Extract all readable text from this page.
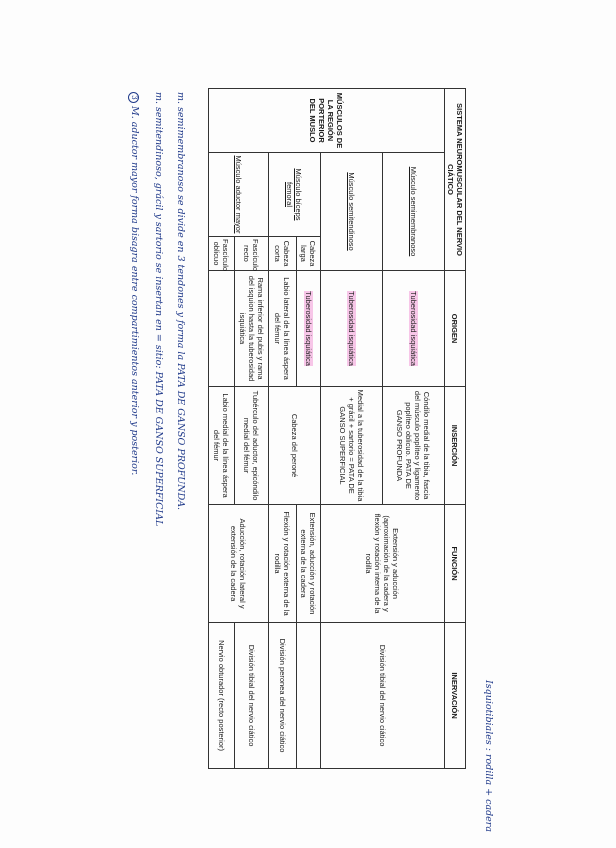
SISTEMA NEUROMUSCULAR DEL NERVIO
CIÁTICO			ORIGEN	INSERCIÓN	FUNCIÓN	INERVACIÓN
MÚSCULOS DE LA REGIÓN PORTERIOR DEL MUSLO	Músculo semimembranoso		Tuberosidad isquiática	Cóndilo medial de la tibia, fascia del músculo poplíteo y ligamento poplíteo oblicuo. PATA DE GANSO PROFUNDA	Extensión y aducción (aproximación de la cadera y flexión y rotación interna de la rodilla	División tibial del nervio ciático
	Músculo semitendinoso		Tuberosidad isquiática	Medial a la tuberosidad de la tibia + grácil + sartorio = PATA DE GANSO SUPERFICIAL		
	Músculo bíceps femoral	Cabeza larga	Tuberosidad isquiática	Cabeza del peroné	Extensión, aducción y rotación externa de la cadera	
		Cabeza corta	Labio lateral de la línea áspera del fémur		Flexión y rotación externa de la rodilla	División peronea del nervio ciático
	Músculo aductor mayor	Fascículo recto	Rama inferior del pubis y rama del isquion hasta la tuberosidad isquiática	Tubérculo del aductor, epicóndilo medial del fémur	Aducción, rotación lateral y extensión de la cadera	División tibial del nervio ciático
		Fascículo oblicuo		Labio medial de la línea áspera del fémur		Nervio obturador (recto posterior)	Isquiotibiales : rodilla + cadera
m. semimembranoso se divide en 3 tendones y forma la PATA DE GANSO PROFUNDA.
m. semitendinoso, grácil y sartorio se insertan en = sitio: PATA DE GANSO SUPERFICIAL
3 M. aductor mayor forma bisagra entre compartimientos anterior y posterior.
